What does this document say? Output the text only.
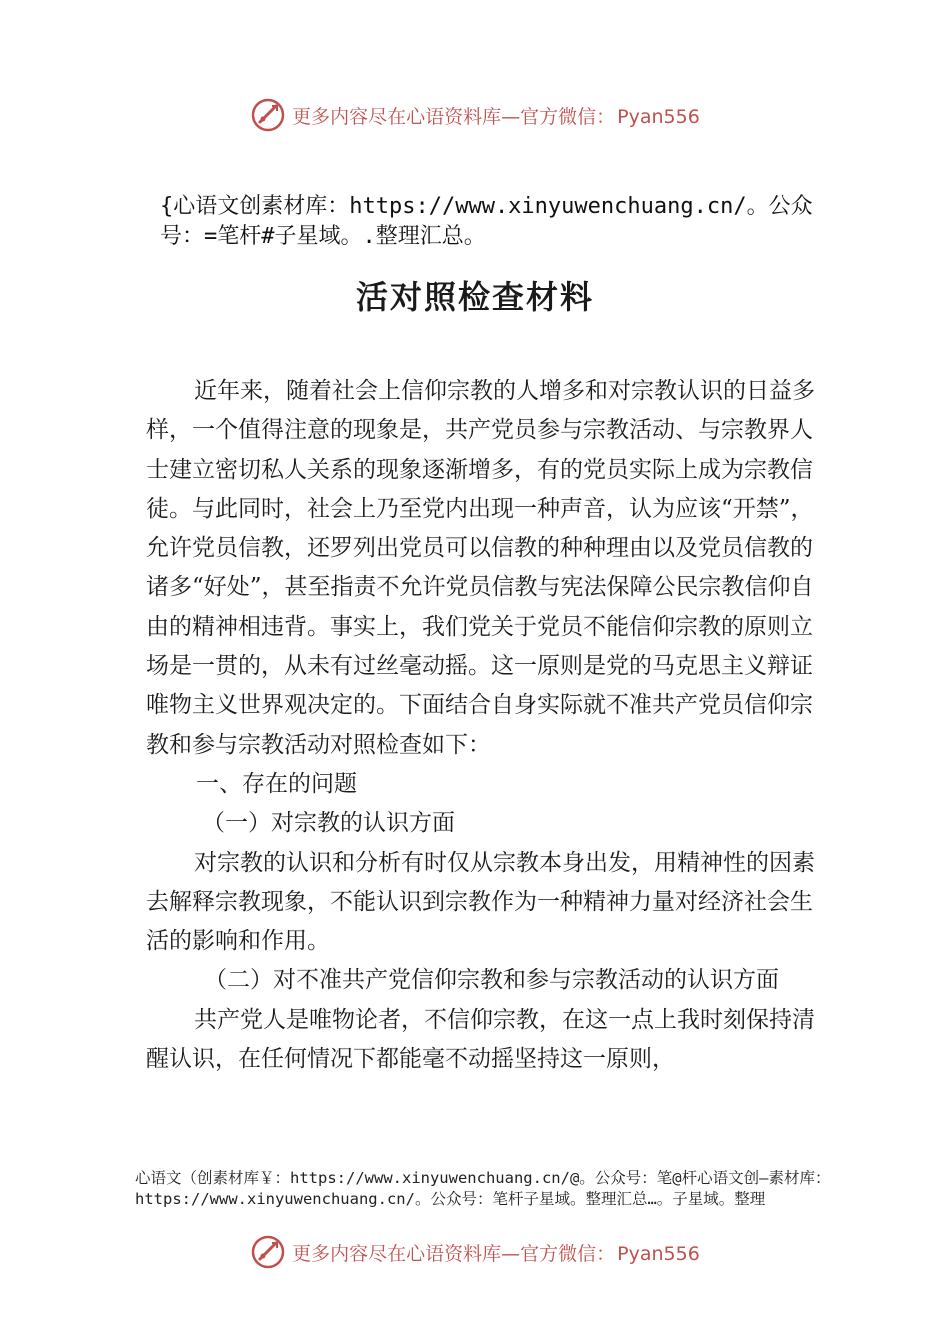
更多内容尽在心语资料库—官方微信： Pyan556
{心语文创素材库：https://www.xinyuwenchuang.cn/。公众号：=笔杆#子星域。.整理汇总。
活对照检查材料

近年来，随着社会上信仰宗教的人增多和对宗教认识的日益多样，一个值得注意的现象是，共产党员参与宗教活动、与宗教界人士建立密切私人关系的现象逐渐增多，有的党员实际上成为宗教信徒。与此同时，社会上乃至党内出现一种声音，认为应该“开禁”，允许党员信教，还罗列出党员可以信教的种种理由以及党员信教的诸多“好处”，甚至指责不允许党员信教与宪法保障公民宗教信仰自由的精神相违背。事实上，我们党关于党员不能信仰宗教的原则立场是一贯的，从未有过丝毫动摇。这一原则是党的马克思主义辩证唯物主义世界观决定的。下面结合自身实际就不准共产党员信仰宗教和参与宗教活动对照检查如下：

一、存在的问题

（一）对宗教的认识方面

对宗教的认识和分析有时仅从宗教本身出发，用精神性的因素去解释宗教现象，不能认识到宗教作为一种精神力量对经济社会生活的影响和作用。

（二）对不准共产党信仰宗教和参与宗教活动的认识方面

共产党人是唯物论者，不信仰宗教，在这一点上我时刻保持清醒认识，在任何情况下都能毫不动摇坚持这一原则，

心语文（创素材库￥：https://www.xinyuwenchuang.cn/@。公众号：笔@杆心语文创—素材库：https://www.xinyuwenchuang.cn/。公众号：笔杆子星域。整理汇总…。子星域。整理
更多内容尽在心语资料库—官方微信： Pyan556
